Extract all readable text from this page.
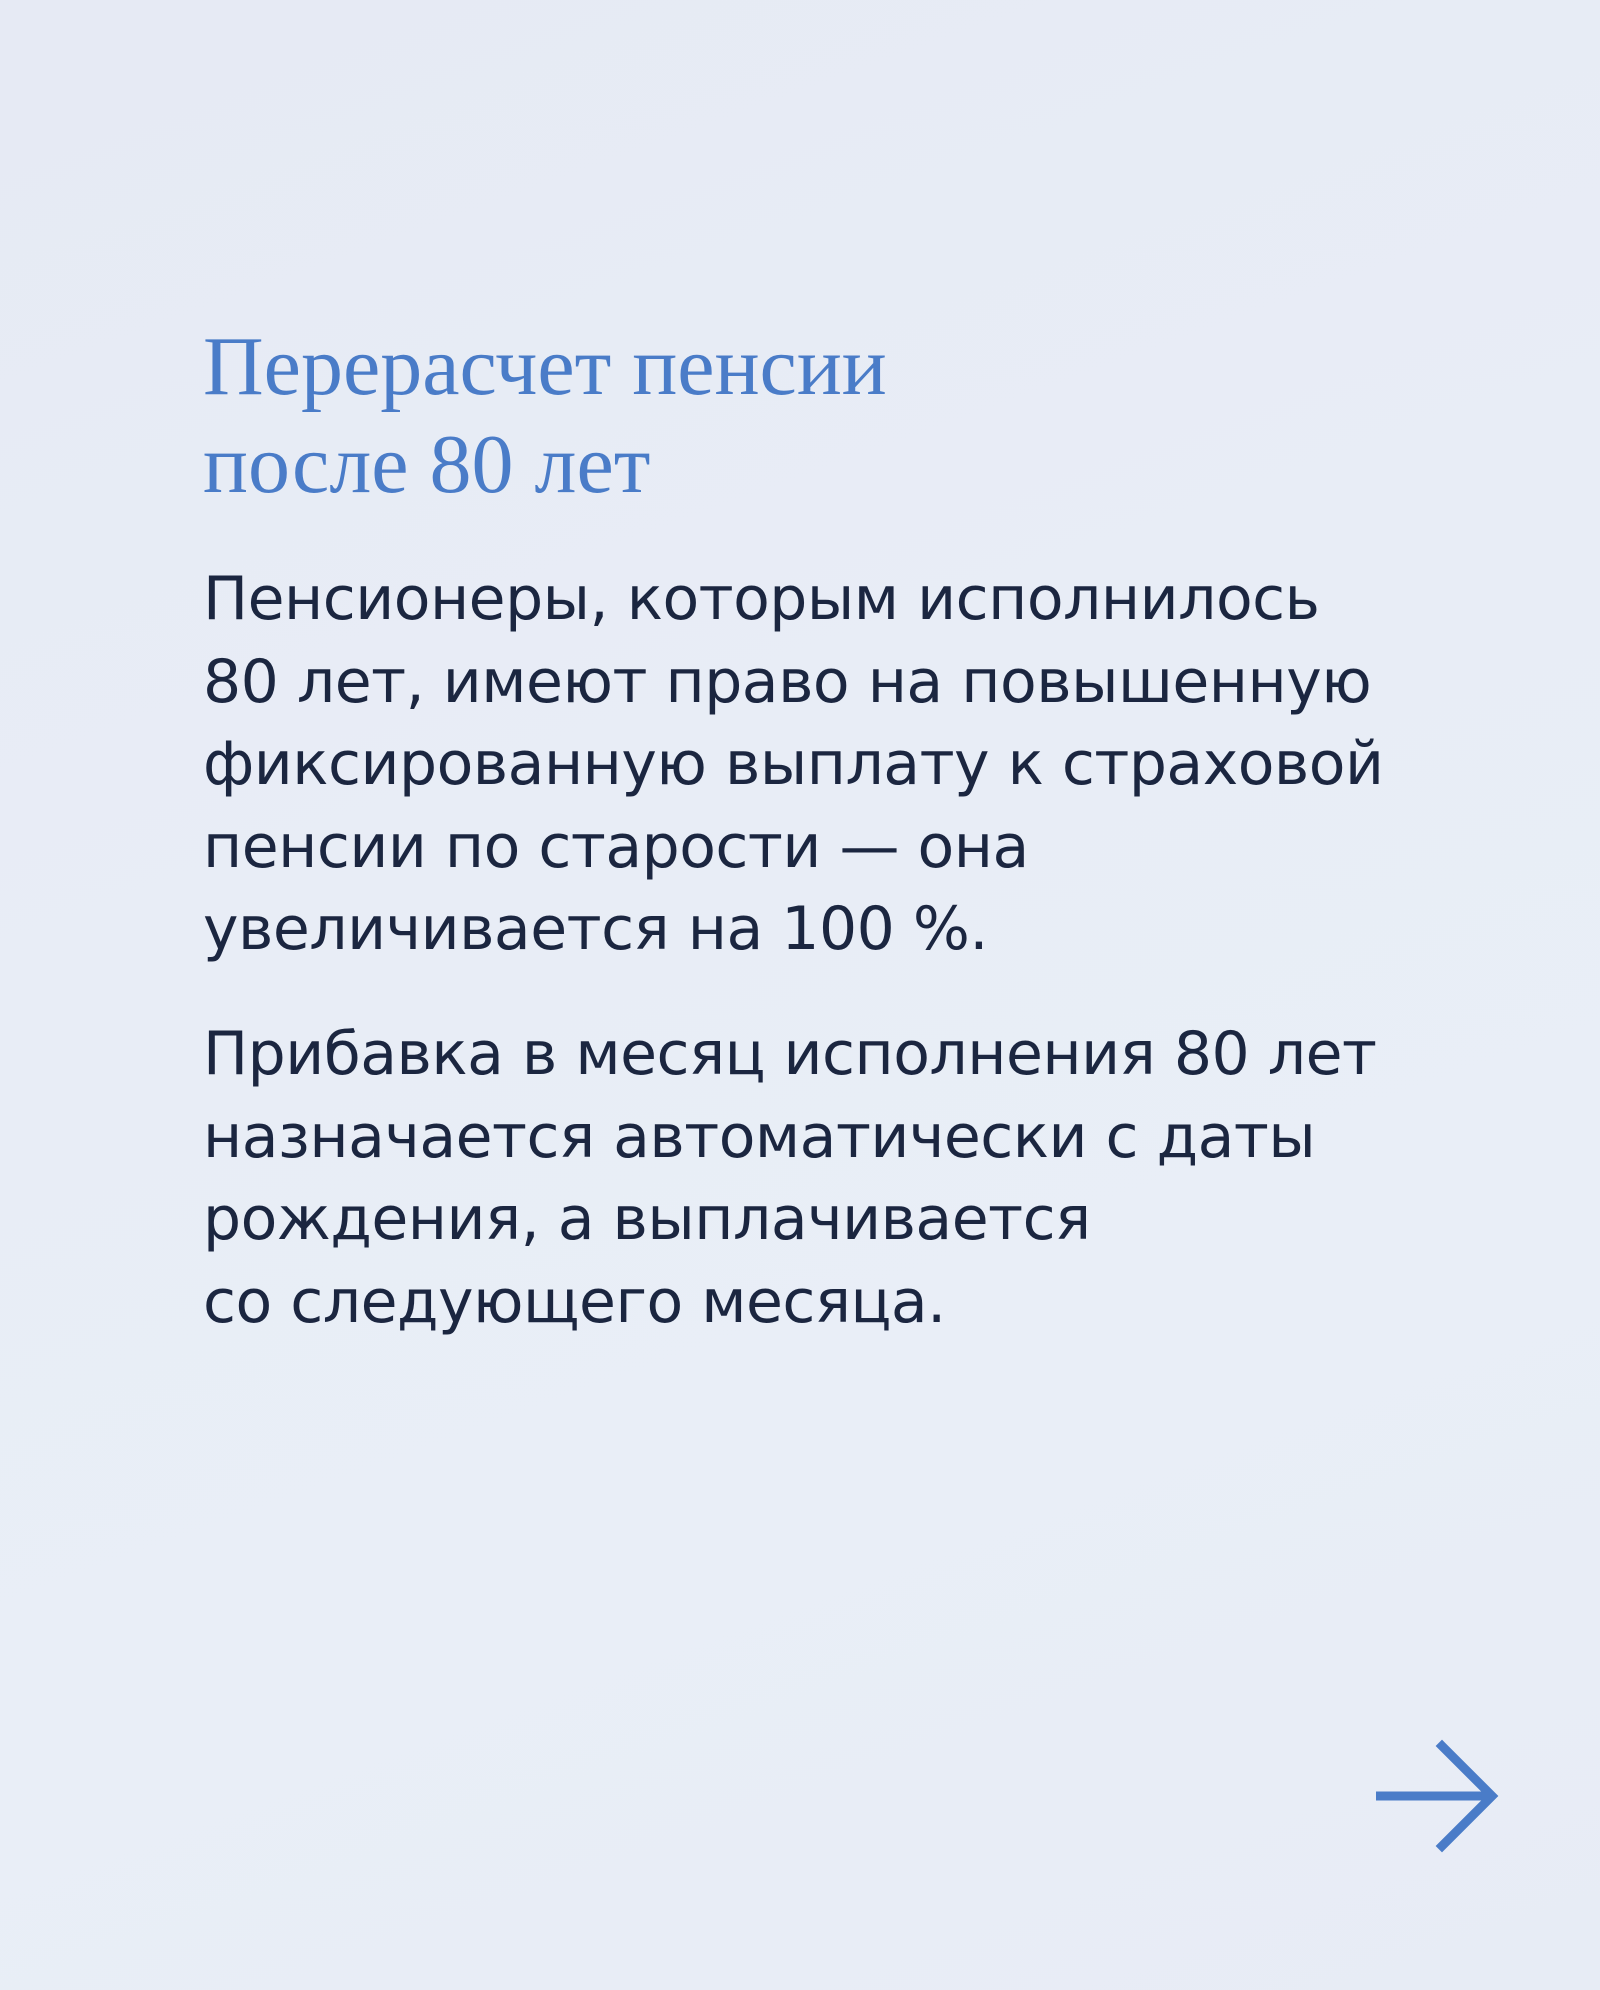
Перерасчет пенсии
после 80 лет

Пенсионеры, которым исполнилось
80 лет, имеют право на повышенную
фиксированную выплату к страховой
пенсии по старости — она
увеличивается на 100 %.

Прибавка в месяц исполнения 80 лет
назначается автоматически с даты
рождения, а выплачивается
со следующего месяца.
